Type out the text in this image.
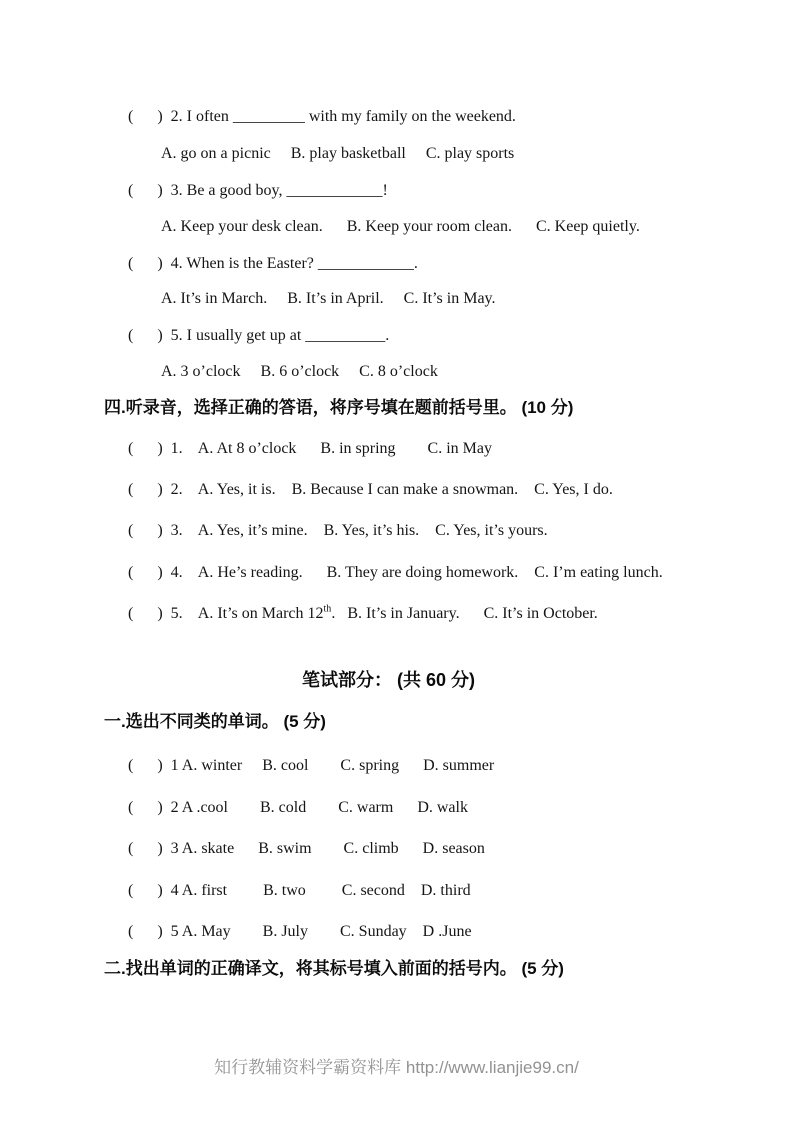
(      )  2. I often _________ with my family on the weekend.
A. go on a picnic     B. play basketball     C. play sports
(      )  3. Be a good boy, ____________!
A. Keep your desk clean.      B. Keep your room clean.      C. Keep quietly.
(      )  4. When is the Easter? ____________.
A. It’s in March.     B. It’s in April.     C. It’s in May.
(      )  5. I usually get up at __________.
A. 3 o’clock     B. 6 o’clock     C. 8 o’clock
四.听录音，选择正确的答语，将序号填在题前括号里。 (10 分)
(      )  1.    A. At 8 o’clock      B. in spring        C. in May
(      )  2.    A. Yes, it is.    B. Because I can make a snowman.    C. Yes, I do.
(      )  3.    A. Yes, it’s mine.    B. Yes, it’s his.    C. Yes, it’s yours.
(      )  4.    A. He’s reading.      B. They are doing homework.    C. I’m eating lunch.
(      )  5.    A. It’s on March 12th.   B. It’s in January.      C. It’s in October.
笔试部分： (共 60 分)
一.选出不同类的单词。 (5 分)
(      )  1 A. winter     B. cool        C. spring      D. summer
(      )  2 A .cool        B. cold        C. warm      D. walk
(      )  3 A. skate      B. swim        C. climb      D. season
(      )  4 A. first         B. two         C. second    D. third
(      )  5 A. May        B. July        C. Sunday    D .June
二.找出单词的正确译文，将其标号填入前面的括号内。 (5 分)
知行教辅资料学霸资料库 http://www.lianjie99.cn/
